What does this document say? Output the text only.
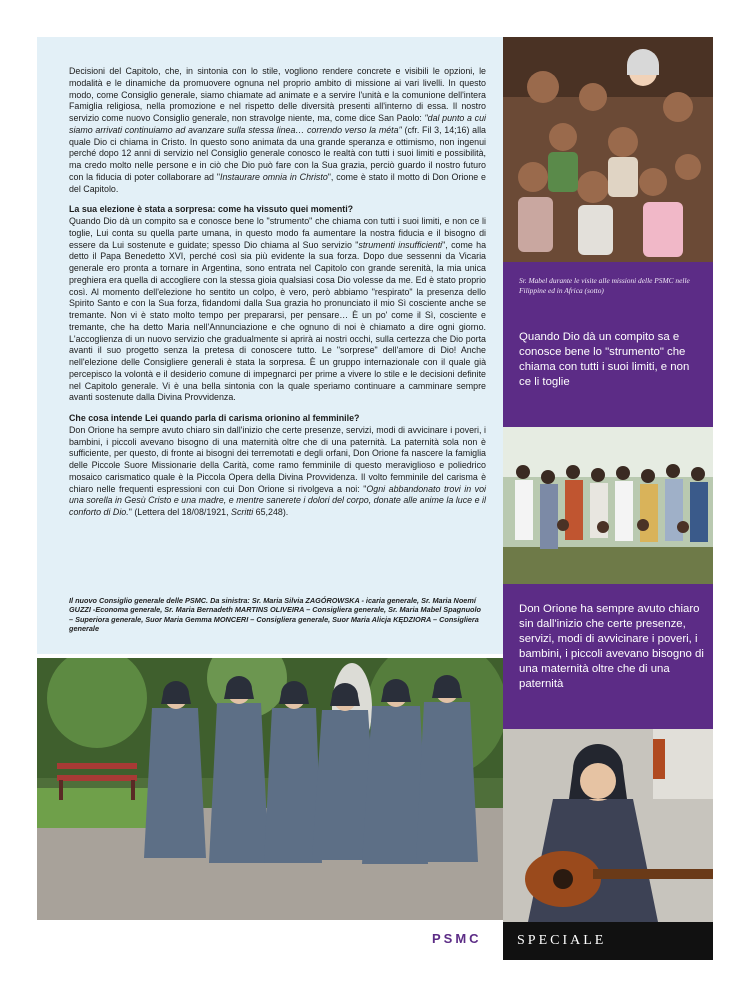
Decisioni del Capitolo, che, in sintonia con lo stile, vogliono rendere concrete e visibili le opzioni, le modalità e le dinamiche da promuovere ognuna nel proprio ambito di missione ai vari livelli. In questo modo, come Consiglio generale, siamo chiamate ad animate e a servire l'unità e la comunione dell'intera Famiglia religiosa, nella promozione e nel rispetto delle diversità presenti all'interno di essa. Il nostro servizio come nuovo Consiglio generale, non stravolge niente, ma, come dice San Paolo: "dal punto a cui siamo arrivati continuiamo ad avanzare sulla stessa linea… correndo verso la méta" (cfr. Fil 3, 14;16) alla quale Dio ci chiama in Cristo. In questo sono animata da una grande speranza e ottimismo, non ingenui perché dopo 12 anni di servizio nel Consiglio generale conosco le realtà con tutti i suoi limiti e possibilità, ma credo molto nelle persone e in ciò che Dio può fare con la Sua grazia, perciò guardo il nostro futuro con la fiducia di poter collaborare ad "Instaurare omnia in Christo", come è stato il motto di Don Orione e del Capitolo.

La sua elezione è stata a sorpresa: come ha vissuto quei momenti?

Quando Dio dà un compito sa e conosce bene lo "strumento" che chiama con tutti i suoi limiti, e non ce li toglie, Lui conta su quella parte umana, in questo modo fa aumentare la nostra fiducia e il bisogno di essere da Lui sostenute e guidate; spesso Dio chiama al Suo servizio "strumenti insufficienti", come ha detto il Papa Benedetto XVI, perché così sia più evidente la sua forza. Dopo due sessenni da Vicaria generale ero pronta a tornare in Argentina, sono entrata nel Capitolo con grande serenità, la mia unica preghiera era quella di accogliere con la stessa gioia qualsiasi cosa Dio volesse da me. Ed è stato proprio così. Al momento dell'elezione ho sentito un colpo, è vero, però abbiamo "respirato" la presenza dello Spirito Santo e con la Sua forza, fidandomi dalla Sua grazia ho pronunciato il mio Sì cosciente anche se tremante. Non vi è stato molto tempo per prepararsi, per pensare… È un po' come il Sì, cosciente e tremante, che ha detto Maria nell'Annunciazione e che ognuno di noi è chiamato a dire ogni giorno. L'accoglienza di un nuovo servizio che gradualmente si aprirà ai nostri occhi, sulla certezza che Dio porta avanti il suo progetto senza la pretesa di conoscere tutto. Le "sorprese" dell'amore di Dio! Anche nell'elezione delle Consigliere generali è stata la sorpresa. È un gruppo internazionale con il quale già percepisco la volontà e il desiderio comune di impegnarci per prime a vivere lo stile e le decisioni definite nel Capitolo generale. Vi è una bella sintonia con la quale speriamo continuare a camminare sempre avanti sostenute dalla Divina Provvidenza.

Che cosa intende Lei quando parla di carisma orionino al femminile?

Don Orione ha sempre avuto chiaro sin dall'inizio che certe presenze, servizi, modi di avvicinare i poveri, i bambini, i piccoli avevano bisogno di una maternità oltre che di una paternità. La paternità sola non è sufficiente, per questo, di fronte ai bisogni dei terremotati e degli orfani, Don Orione fa nascere la famiglia delle Piccole Suore Missionarie della Carità, come ramo femminile di questo meraviglioso e poliedrico mosaico carismatico quale è la Piccola Opera della Divina Provvidenza. Il volto femminile del carisma è chiaro nelle frequenti espressioni con cui Don Orione si rivolgeva a noi: "Ogni abbandonato trovi in voi una sorella in Gesù Cristo e una madre, e mentre sanerete i dolori del corpo, donate alle anime la luce e il conforto di Dio." (Lettera del 18/08/1921, Scritti 65,248).

Il nuovo Consiglio generale delle PSMC. Da sinistra: Sr. Maria Silvia ZAGÓROWSKA - icaria generale, Sr. Maria Noemí GUZZI -Economa generale, Sr. Maria Bernadeth MARTINS OLIVEIRA – Consigliera generale, Sr. Maria Mabel Spagnuolo – Superiora generale, Suor Maria Gemma MONCERI – Consigliera generale, Suor Maria Alicja KĘDZIORA – Consigliera generale
Sr. Mabel durante le visite alle missioni delle PSMC nelle Filippine ed in Africa (sotto)
Quando Dio dà un compito sa e conosce bene lo "strumento" che chiama con tutti i suoi limiti, e non ce li toglie
Don Orione ha sempre avuto chiaro sin dall'inizio che certe presenze, servizi, modi di avvicinare i poveri, i bambini, i piccoli avevano bisogno di una maternità oltre che di una paternità
PSMC	SPECIALE
